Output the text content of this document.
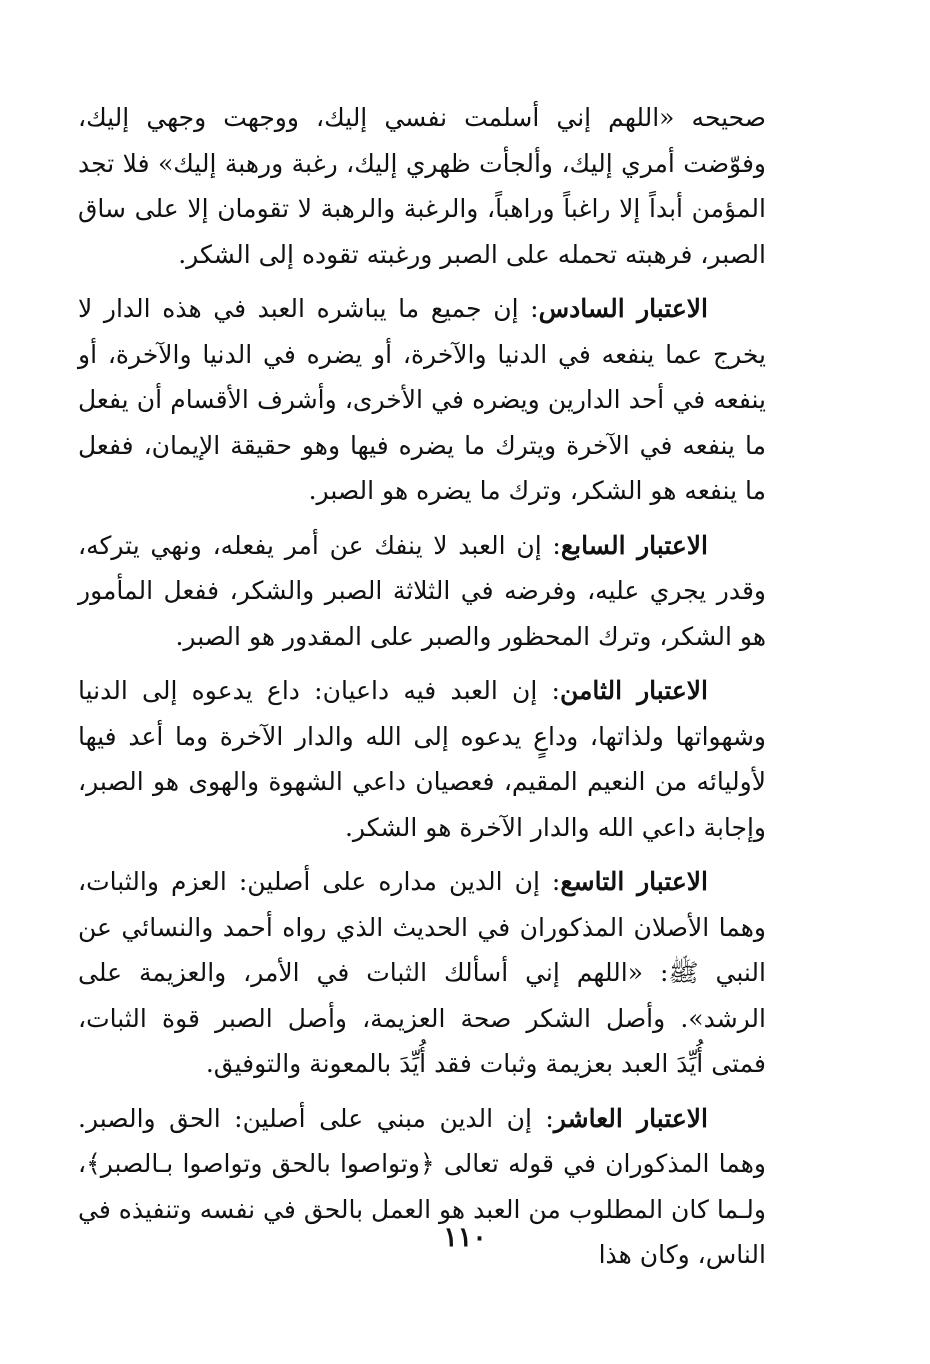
صحيحه «اللهم إني أسلمت نفسي إليك، ووجهت وجهي إليك، وفوّضت أمري إليك، وألجأت ظهري إليك، رغبة ورهبة إليك» فلا تجد المؤمن أبداً إلا راغباً وراهباً، والرغبة والرهبة لا تقومان إلا على ساق الصبر، فرهبته تحمله على الصبر ورغبته تقوده إلى الشكر.

الاعتبار السادس: إن جميع ما يباشره العبد في هذه الدار لا يخرج عما ينفعه في الدنيا والآخرة، أو يضره في الدنيا والآخرة، أو ينفعه في أحد الدارين ويضره في الأخرى، وأشرف الأقسام أن يفعل ما ينفعه في الآخرة ويترك ما يضره فيها وهو حقيقة الإيمان، ففعل ما ينفعه هو الشكر، وترك ما يضره هو الصبر.

الاعتبار السابع: إن العبد لا ينفك عن أمر يفعله، ونهي يتركه، وقدر يجري عليه، وفرضه في الثلاثة الصبر والشكر، ففعل المأمور هو الشكر، وترك المحظور والصبر على المقدور هو الصبر.

الاعتبار الثامن: إن العبد فيه داعيان: داع يدعوه إلى الدنيا وشهواتها ولذاتها، وداعٍ يدعوه إلى الله والدار الآخرة وما أعد فيها لأوليائه من النعيم المقيم، فعصيان داعي الشهوة والهوى هو الصبر، وإجابة داعي الله والدار الآخرة هو الشكر.

الاعتبار التاسع: إن الدين مداره على أصلين: العزم والثبات، وهما الأصلان المذكوران في الحديث الذي رواه أحمد والنسائي عن النبي ﷺ: «اللهم إني أسألك الثبات في الأمر، والعزيمة على الرشد». وأصل الشكر صحة العزيمة، وأصل الصبر قوة الثبات، فمتى أُيِّدَ العبد بعزيمة وثبات فقد أُيِّدَ بالمعونة والتوفيق.

الاعتبار العاشر: إن الدين مبني على أصلين: الحق والصبر. وهما المذكوران في قوله تعالى ﴿وتواصوا بالحق وتواصوا بـالصبر﴾، ولـما كان المطلوب من العبد هو العمل بالحق في نفسه وتنفيذه في الناس، وكان هذا

١١٠
